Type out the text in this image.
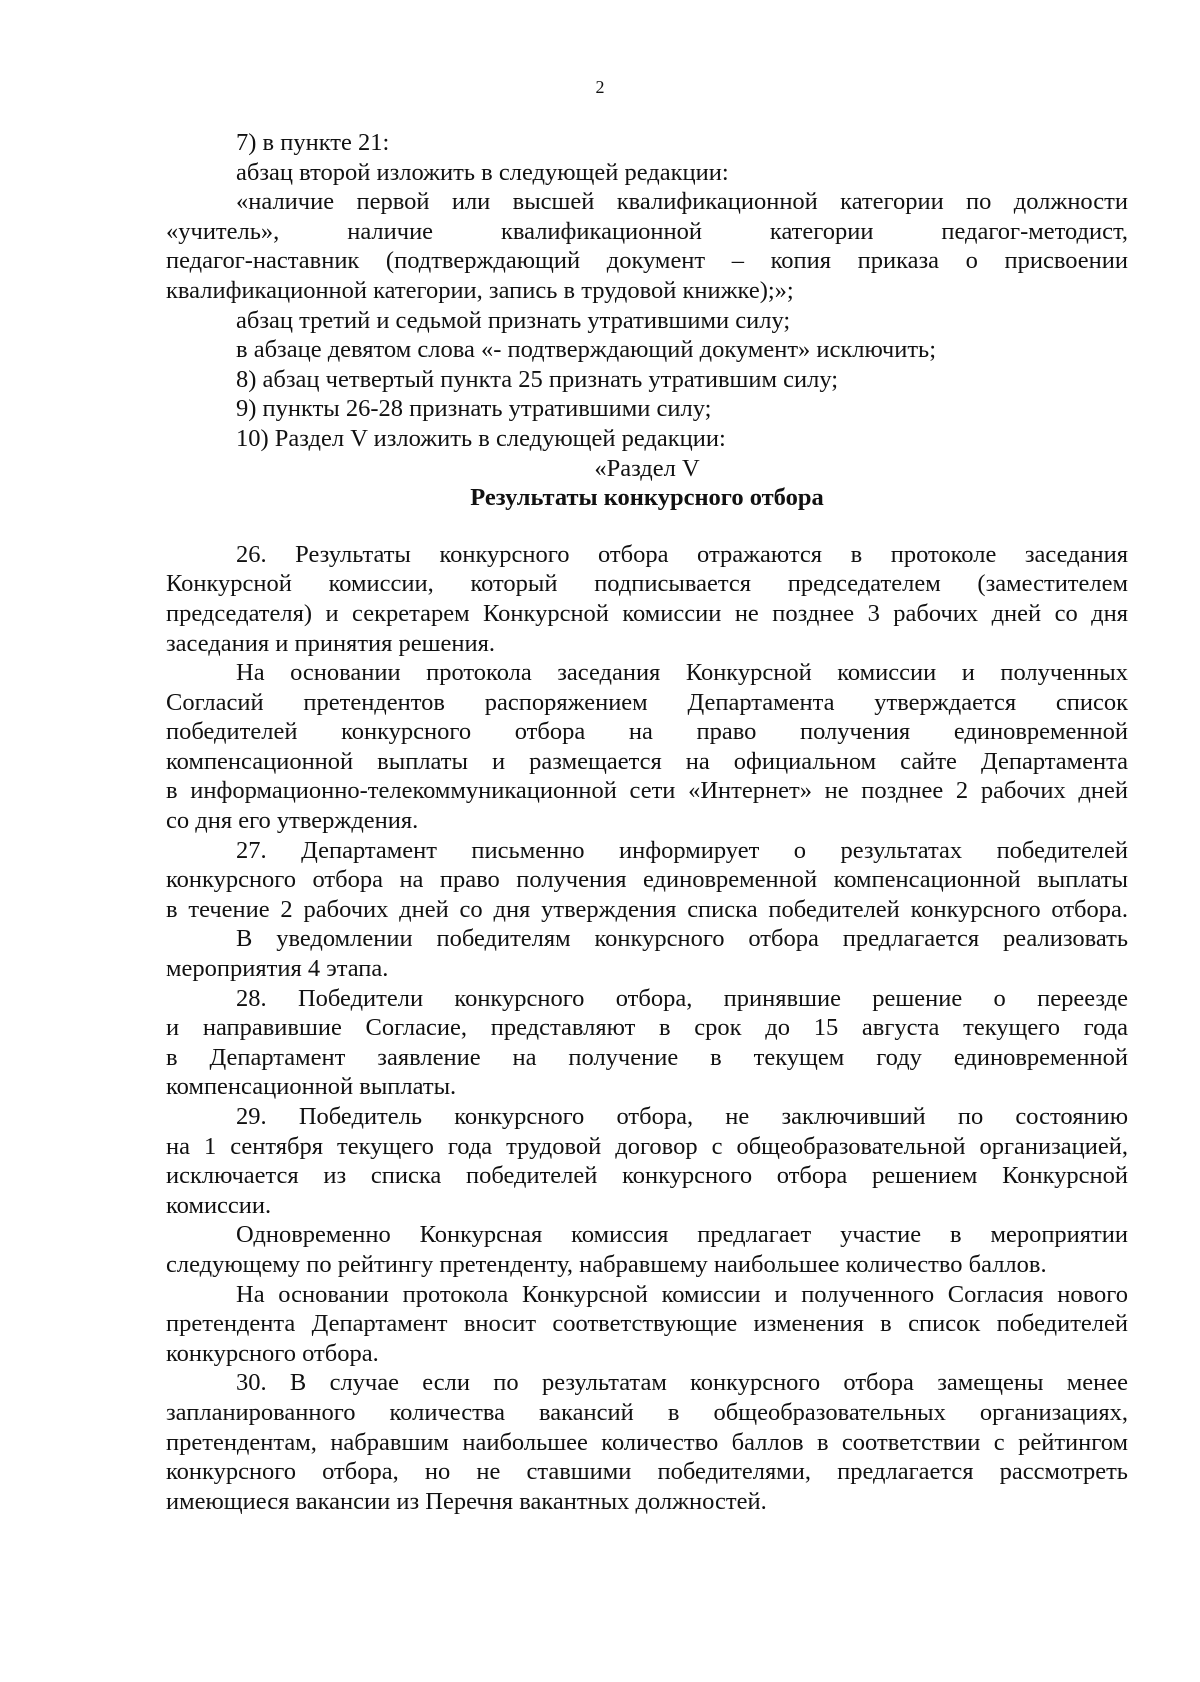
2
7) в пункте 21:
абзац второй изложить в следующей редакции:
«наличие первой или высшей квалификационной категории по должности
«учитель», наличие квалификационной категории педагог-методист,
педагог-наставник (подтверждающий документ – копия приказа о присвоении
квалификационной категории, запись в трудовой книжке);»;
абзац третий и седьмой признать утратившими силу;
в абзаце девятом слова «- подтверждающий документ» исключить;
8) абзац четвертый пункта 25 признать утратившим силу;
9) пункты 26-28 признать утратившими силу;
10) Раздел V изложить в следующей редакции:
«Раздел V
Результаты конкурсного отбора
26. Результаты конкурсного отбора отражаются в протоколе заседания
Конкурсной комиссии, который подписывается председателем (заместителем
председателя) и секретарем Конкурсной комиссии не позднее 3 рабочих дней со дня
заседания и принятия решения.
На основании протокола заседания Конкурсной комиссии и полученных
Согласий претендентов распоряжением Департамента утверждается список
победителей конкурсного отбора на право получения единовременной
компенсационной выплаты и размещается на официальном сайте Департамента
в информационно-телекоммуникационной сети «Интернет» не позднее 2 рабочих дней
со дня его утверждения.
27. Департамент письменно информирует о результатах победителей
конкурсного отбора на право получения единовременной компенсационной выплаты
в течение 2 рабочих дней со дня утверждения списка победителей конкурсного отбора.
В уведомлении победителям конкурсного отбора предлагается реализовать
мероприятия 4 этапа.
28. Победители конкурсного отбора, принявшие решение о переезде
и направившие Согласие, представляют в срок до 15 августа текущего года
в Департамент заявление на получение в текущем году единовременной
компенсационной выплаты.
29. Победитель конкурсного отбора, не заключивший по состоянию
на 1 сентября текущего года трудовой договор с общеобразовательной организацией,
исключается из списка победителей конкурсного отбора решением Конкурсной
комиссии.
Одновременно Конкурсная комиссия предлагает участие в мероприятии
следующему по рейтингу претенденту, набравшему наибольшее количество баллов.
На основании протокола Конкурсной комиссии и полученного Согласия нового
претендента Департамент вносит соответствующие изменения в список победителей
конкурсного отбора.
30. В случае если по результатам конкурсного отбора замещены менее
запланированного количества вакансий в общеобразовательных организациях,
претендентам, набравшим наибольшее количество баллов в соответствии с рейтингом
конкурсного отбора, но не ставшими победителями, предлагается рассмотреть
имеющиеся вакансии из Перечня вакантных должностей.
